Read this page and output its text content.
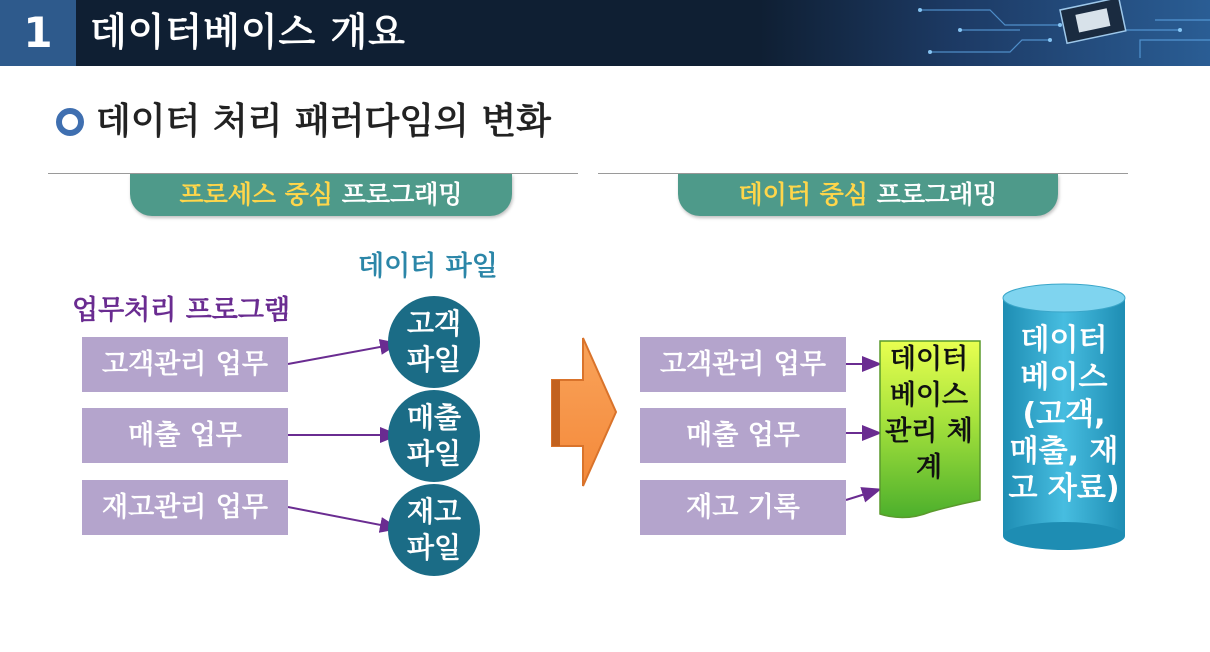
1 데이터베이스 개요
데이터 처리 패러다임의 변화
프로세스 중심 프로그래밍	데이터 중심 프로그래밍
데이터 파일
업무처리 프로그램
고객관리 업무
매출 업무
재고관리 업무
고객 파일
매출 파일
재고 파일
고객관리 업무
매출 업무
재고 기록
데이터 베이스 관리 체계
데이터 베이스
(고객, 매출, 재고 자료)
